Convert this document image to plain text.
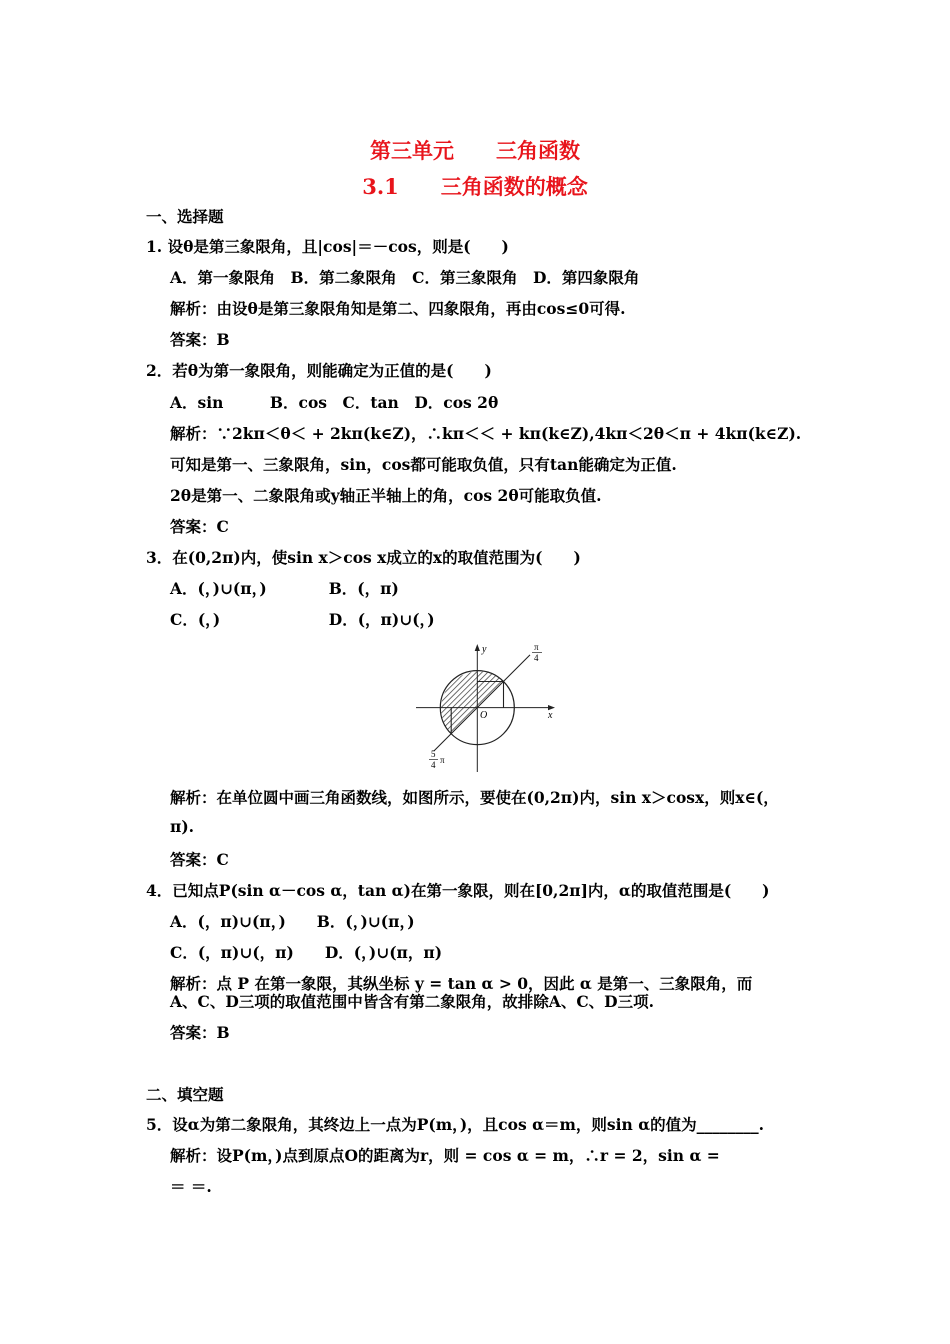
第三单元　　三角函数
3.1　　三角函数的概念
一、选择题
1. 设θ是第三象限角，且|cos|＝－cos，则是(　　)
A．第一象限角　B．第二象限角　C．第三象限角　D．第四象限角
解析：由设θ是第三象限角知是第二、四象限角，再由cos≤0可得.
答案：B
2．若θ为第一象限角，则能确定为正值的是(　　)
A．sin　　　B．cos　C．tan　D．cos 2θ
解析：∵2kπ＜θ＜ + 2kπ(k∈Z)，∴kπ＜＜ + kπ(k∈Z),4kπ＜2θ＜π + 4kπ(k∈Z).
可知是第一、三象限角，sin，cos都可能取负值，只有tan能确定为正值.
2θ是第一、二象限角或y轴正半轴上的角，cos 2θ可能取负值.
答案：C
3．在(0,2π)内，使sin x＞cos x成立的x的取值范围为(　　)
A．(，)∪(π，)　　　　B．(，π)
C．(，)　　　　　　　D．(，π)∪(，)
y
x
O
π
4
5
4 π
解析：在单位圆中画三角函数线，如图所示，要使在(0,2π)内，sin x＞cosx，则x∈(，
π).
答案：C
4．已知点P(sin α－cos α，tan α)在第一象限，则在[0,2π]内，α的取值范围是(　　)
A．(，π)∪(π，)　　B．(，)∪(π，)
C．(，π)∪(，π)　　D．(，)∪(π，π)
解析：点 P 在第一象限，其纵坐标 y = tan α > 0，因此 α 是第一、三象限角，而
A、C、D三项的取值范围中皆含有第二象限角，故排除A、C、D三项.
答案：B
二、填空题
5．设α为第二象限角，其终边上一点为P(m，)，且cos α＝m，则sin α的值为________.
解析：设P(m，)点到原点O的距离为r，则 = cos α = m，∴r = 2，sin α =
＝ ＝.
